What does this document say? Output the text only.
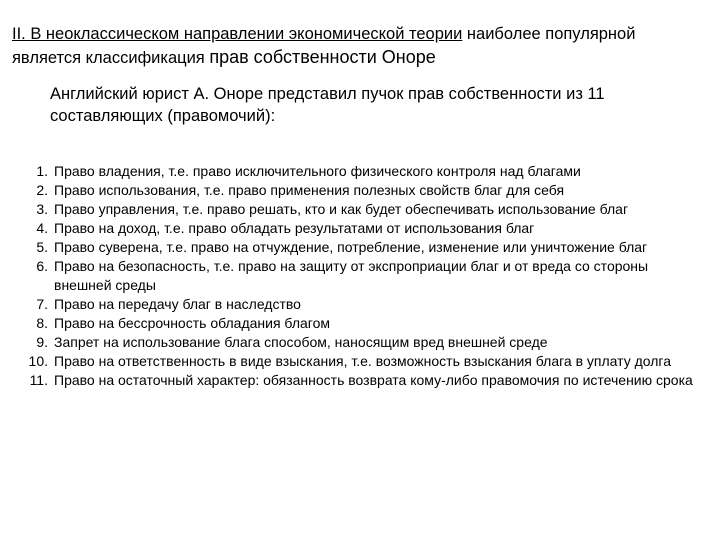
II. В неоклассическом направлении экономической теории наиболее популярной является классификация прав собственности Оноре

Английский юрист А. Оноре представил пучок прав собственности из 11 составляющих (правомочий):

1. Право владения, т.е. право исключительного физического контроля над благами
2. Право использования, т.е. право применения полезных свойств благ для себя
3. Право управления, т.е. право решать, кто и как будет обеспечивать использование благ
4. Право на доход, т.е. право обладать результатами от использования благ
5. Право суверена, т.е. право на отчуждение, потребление, изменение или уничтожение благ
6. Право на безопасность, т.е. право на защиту от экспроприации благ и от вреда со стороны внешней среды
7. Право на передачу благ в наследство
8. Право на бессрочность обладания благом
9. Запрет на использование блага способом, наносящим вред внешней среде
10. Право на ответственность в виде взыскания, т.е. возможность взыскания блага в уплату долга
11. Право на остаточный характер: обязанность возврата кому-либо правомочия по истечению срока
